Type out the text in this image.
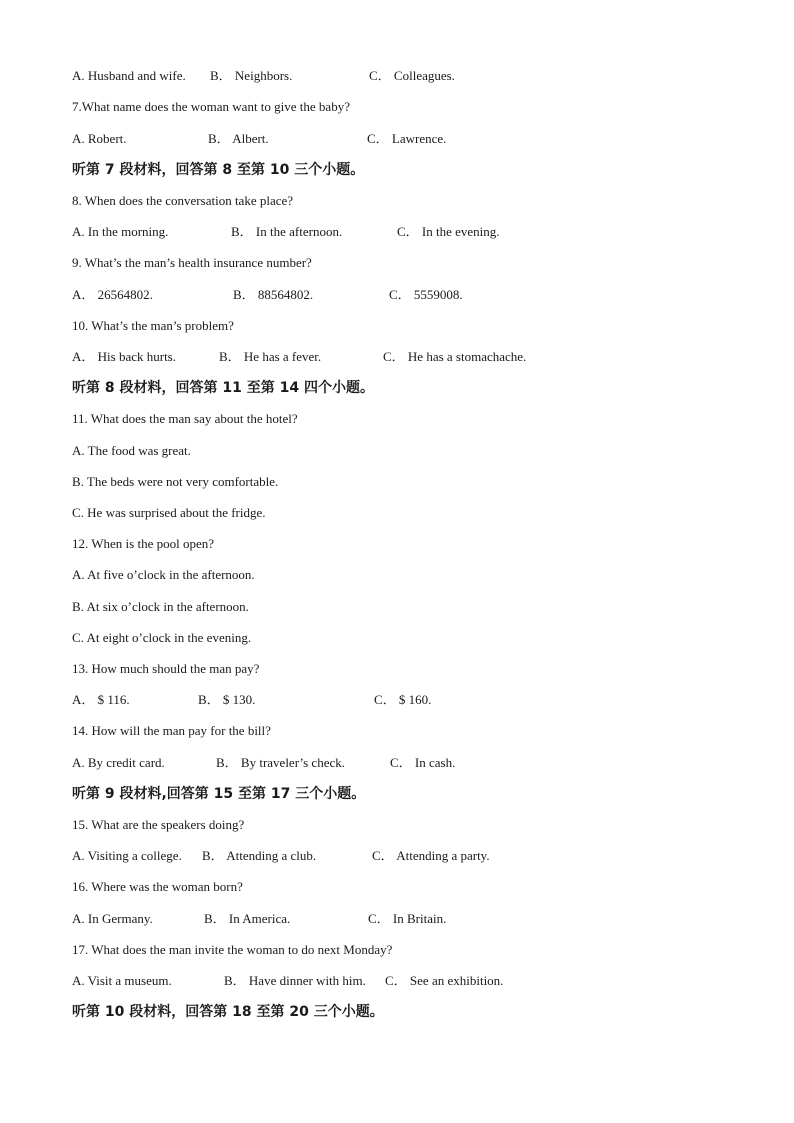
A. Husband and wife. B． Neighbors.	C． Colleagues.

7.What name does the woman want to give the baby?

A. Robert.	B． Albert.	C． Lawrence.

听第 7 段材料，回答第 8 至第 10 三个小题。

8. When does the conversation take place?

A. In the morning.	B． In the afternoon.	C． In the evening.

9. What’s the man’s health insurance number?

A． 26564802.	B． 88564802.	C． 5559008.

10. What’s the man’s problem?

A． His back hurts.	B． He has a fever.	C． He has a stomachache.

听第 8 段材料，回答第 11 至第 14 四个小题。

11. What does the man say about the hotel?

A. The food was great.

B. The beds were not very comfortable.

C. He was surprised about the fridge.

12. When is the pool open?

A. At five o’clock in the afternoon.

B. At six o’clock in the afternoon.

C. At eight o’clock in the evening.

13. How much should the man pay?

A． $ 116.	B． $ 130.	C． $ 160.

14. How will the man pay for the bill?

A. By credit card.	B． By traveler’s check.	C． In cash.

听第 9 段材料,回答第 15 至第 17 三个小题。

15. What are the speakers doing?

A. Visiting a college. B． Attending a club.	C． Attending a party.

16. Where was the woman born?

A. In Germany.	B． In America.	C． In Britain.

17. What does the man invite the woman to do next Monday?

A. Visit a museum.	B． Have dinner with him. C． See an exhibition.

听第 10 段材料，回答第 18 至第 20 三个小题。
